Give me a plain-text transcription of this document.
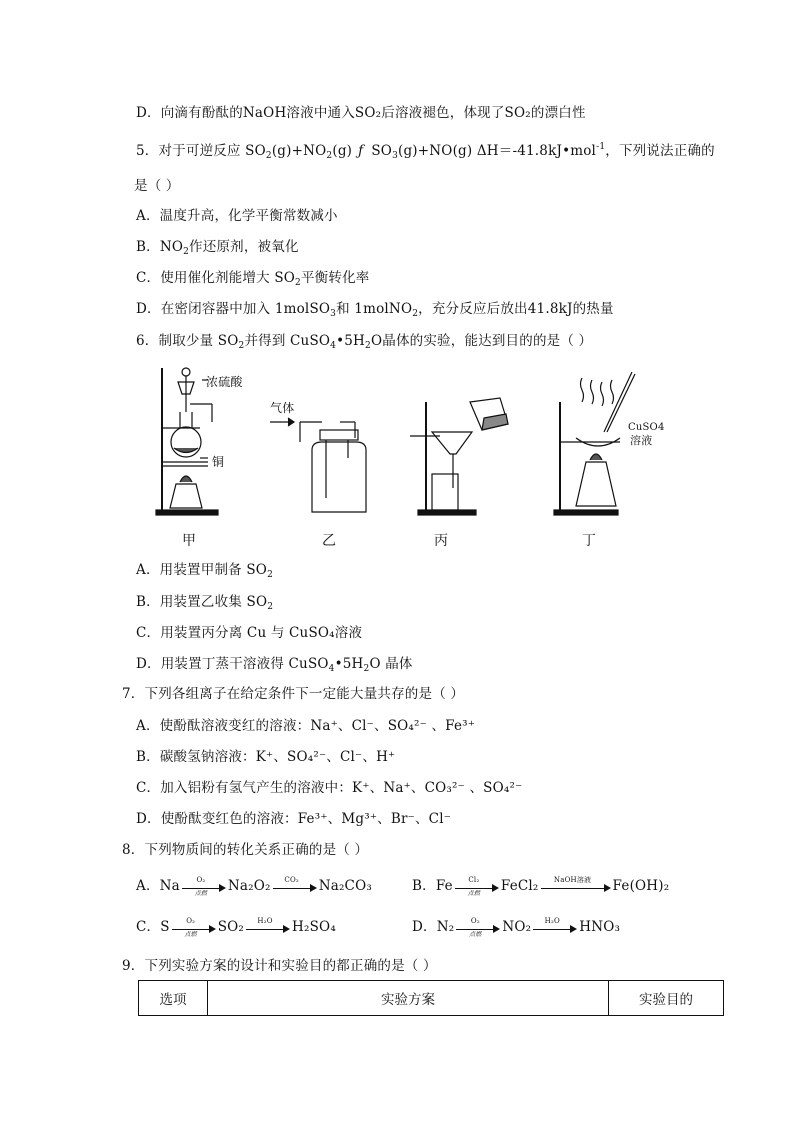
D．向滴有酚酞的NaOH溶液中通入SO₂后溶液褪色，体现了SO₂的漂白性
5．对于可逆反应 $SO_2(g)+NO_2(g)$ ƒ $SO_3(g)+NO(g)$ ΔH＝-41.8kJ•mol$^{-1}$，下列说法正确的
是（ ）
A．温度升高，化学平衡常数减小
B．$NO_2$作还原剂，被氧化
C．使用催化剂能增大 $SO_2$平衡转化率
D．在密闭容器中加入 1molSO$_3$和 1molNO$_2$，充分反应后放出41.8kJ的热量
6．制取少量 $SO_2$并得到 $CuSO_4•5H_2O$晶体的实验，能达到目的的是（ ）
浓硫酸
铜
气体
CuSO4
溶液
甲	乙	丙	丁
A．用装置甲制备 $SO_2$
B．用装置乙收集 $SO_2$
C．用装置丙分离 Cu 与 CuSO₄溶液
D．用装置丁蒸干溶液得 $CuSO_4•5H_2O$ 晶体
7．下列各组离子在给定条件下一定能大量共存的是（ ）
A．使酚酞溶液变红的溶液：Na⁺、Cl⁻、SO₄²⁻ 、Fe³⁺
B．碳酸氢钠溶液：K⁺、SO₄²⁻、Cl⁻、H⁺
C．加入铝粉有氢气产生的溶液中：K⁺、Na⁺、CO₃²⁻ 、SO₄²⁻
D．使酚酞变红色的溶液：Fe³⁺、Mg³⁺、Br⁻、Cl⁻
8．下列物质间的转化关系正确的是（ ）
A．Na	O₂
点燃	Na₂O₂	CO₂	Na₂CO₃	B．Fe	Cl₂
点燃	FeCl₂	NaOH溶液	Fe(OH)₂
C．S	O₂
点燃	SO₂	H₂O	H₂SO₄	D．N₂	O₂
点燃	NO₂	H₂O	HNO₃
9．下列实验方案的设计和实验目的都正确的是（ ）
选项	实验方案	实验目的
